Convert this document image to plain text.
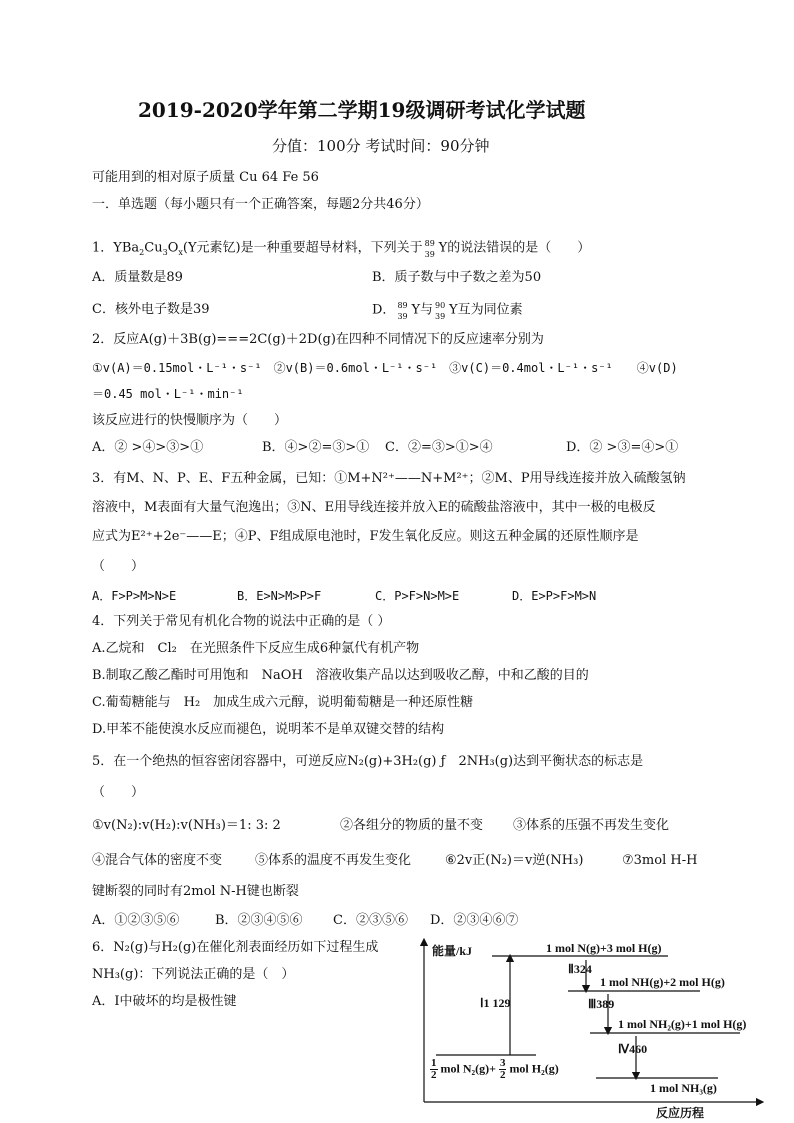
2019-2020学年第二学期19级调研考试化学试题
分值：100分 考试时间：90分钟
可能用到的相对原子质量 Cu 64 Fe 56
一．单选题（每小题只有一个正确答案，每题2分共46分）
1．$YBa_2Cu_3O_x(Y$元素钇)是一种重要超导材料，下列关于 89
39 Y的说法错误的是（　　）
A．质量数是89	B．质子数与中子数之差为50
C．核外电子数是39	D． 89
39 Y与 90
39 Y互为同位素
2．反应A(g)＋3B(g)===2C(g)＋2D(g)在四种不同情况下的反应速率分别为
①v(A)＝0.15mol・L⁻¹・s⁻¹　②v(B)＝0.6mol・L⁻¹・s⁻¹　③v(C)＝0.4mol・L⁻¹・s⁻¹　　④v(D)
＝0.45 mol・L⁻¹・min⁻¹
该反应进行的快慢顺序为（　　）
A．② >④>③>①	B．④>②=③>① C．②=③>①>④	D．② >③=④>①
3．有M、N、P、E、F五种金属，已知：①M+N²⁺——N+M²⁺；②M、P用导线连接并放入硫酸氢钠
溶液中，M表面有大量气泡逸出；③N、E用导线连接并放入E的硫酸盐溶液中，其中一极的电极反
应式为E²⁺+2e⁻——E；④P、F组成原电池时，F发生氧化反应。则这五种金属的还原性顺序是
（　　）
A．F>P>M>N>E	B．E>N>M>P>F	C．P>F>N>M>E	D．E>P>F>M>N
4．下列关于常见有机化合物的说法中正确的是（ ）
A.乙烷和　Cl₂　在光照条件下反应生成6种氯代有机产物
B.制取乙酸乙酯时可用饱和　NaOH　溶液收集产品以达到吸收乙醇，中和乙酸的目的
C.葡萄糖能与　H₂　加成生成六元醇，说明葡萄糖是一种还原性糖
D.甲苯不能使溴水反应而褪色，说明苯不是单双键交替的结构
5．在一个绝热的恒容密闭容器中，可逆反应N₂(g)+3H₂(g) ƒ　2NH₃(g)达到平衡状态的标志是
（　　）
①v(N₂):v(H₂):v(NH₃)＝1: 3: 2	②各组分的物质的量不变 ③体系的压强不再发生变化
④混合气体的密度不变	⑤体系的温度不再发生变化	⑥2v正(N₂)＝v逆(NH₃)	⑦3mol H-H
键断裂的同时有2mol N-H键也断裂
A．①②③⑤⑥	B．②③④⑤⑥ C．②③⑤⑥ D．②③④⑥⑦
6．N₂(g)与H₂(g)在催化剂表面经历如下过程生成
NH₃(g)：下列说法正确的是（　）
A．I中破坏的均是极性键
能量/kJ
反应历程
1 mol N(g)+3 mol H(g)
1 mol NH(g)+2 mol H(g)
1 mol NH₂(g)+1 mol H(g)
1 mol NH₃(g)
$\frac{1}{2}$ mol $N_2(g)+ \frac{3}{2}$ mol H₂(g)
Ⅰ1 129
Ⅱ324
Ⅲ389
Ⅳ460
